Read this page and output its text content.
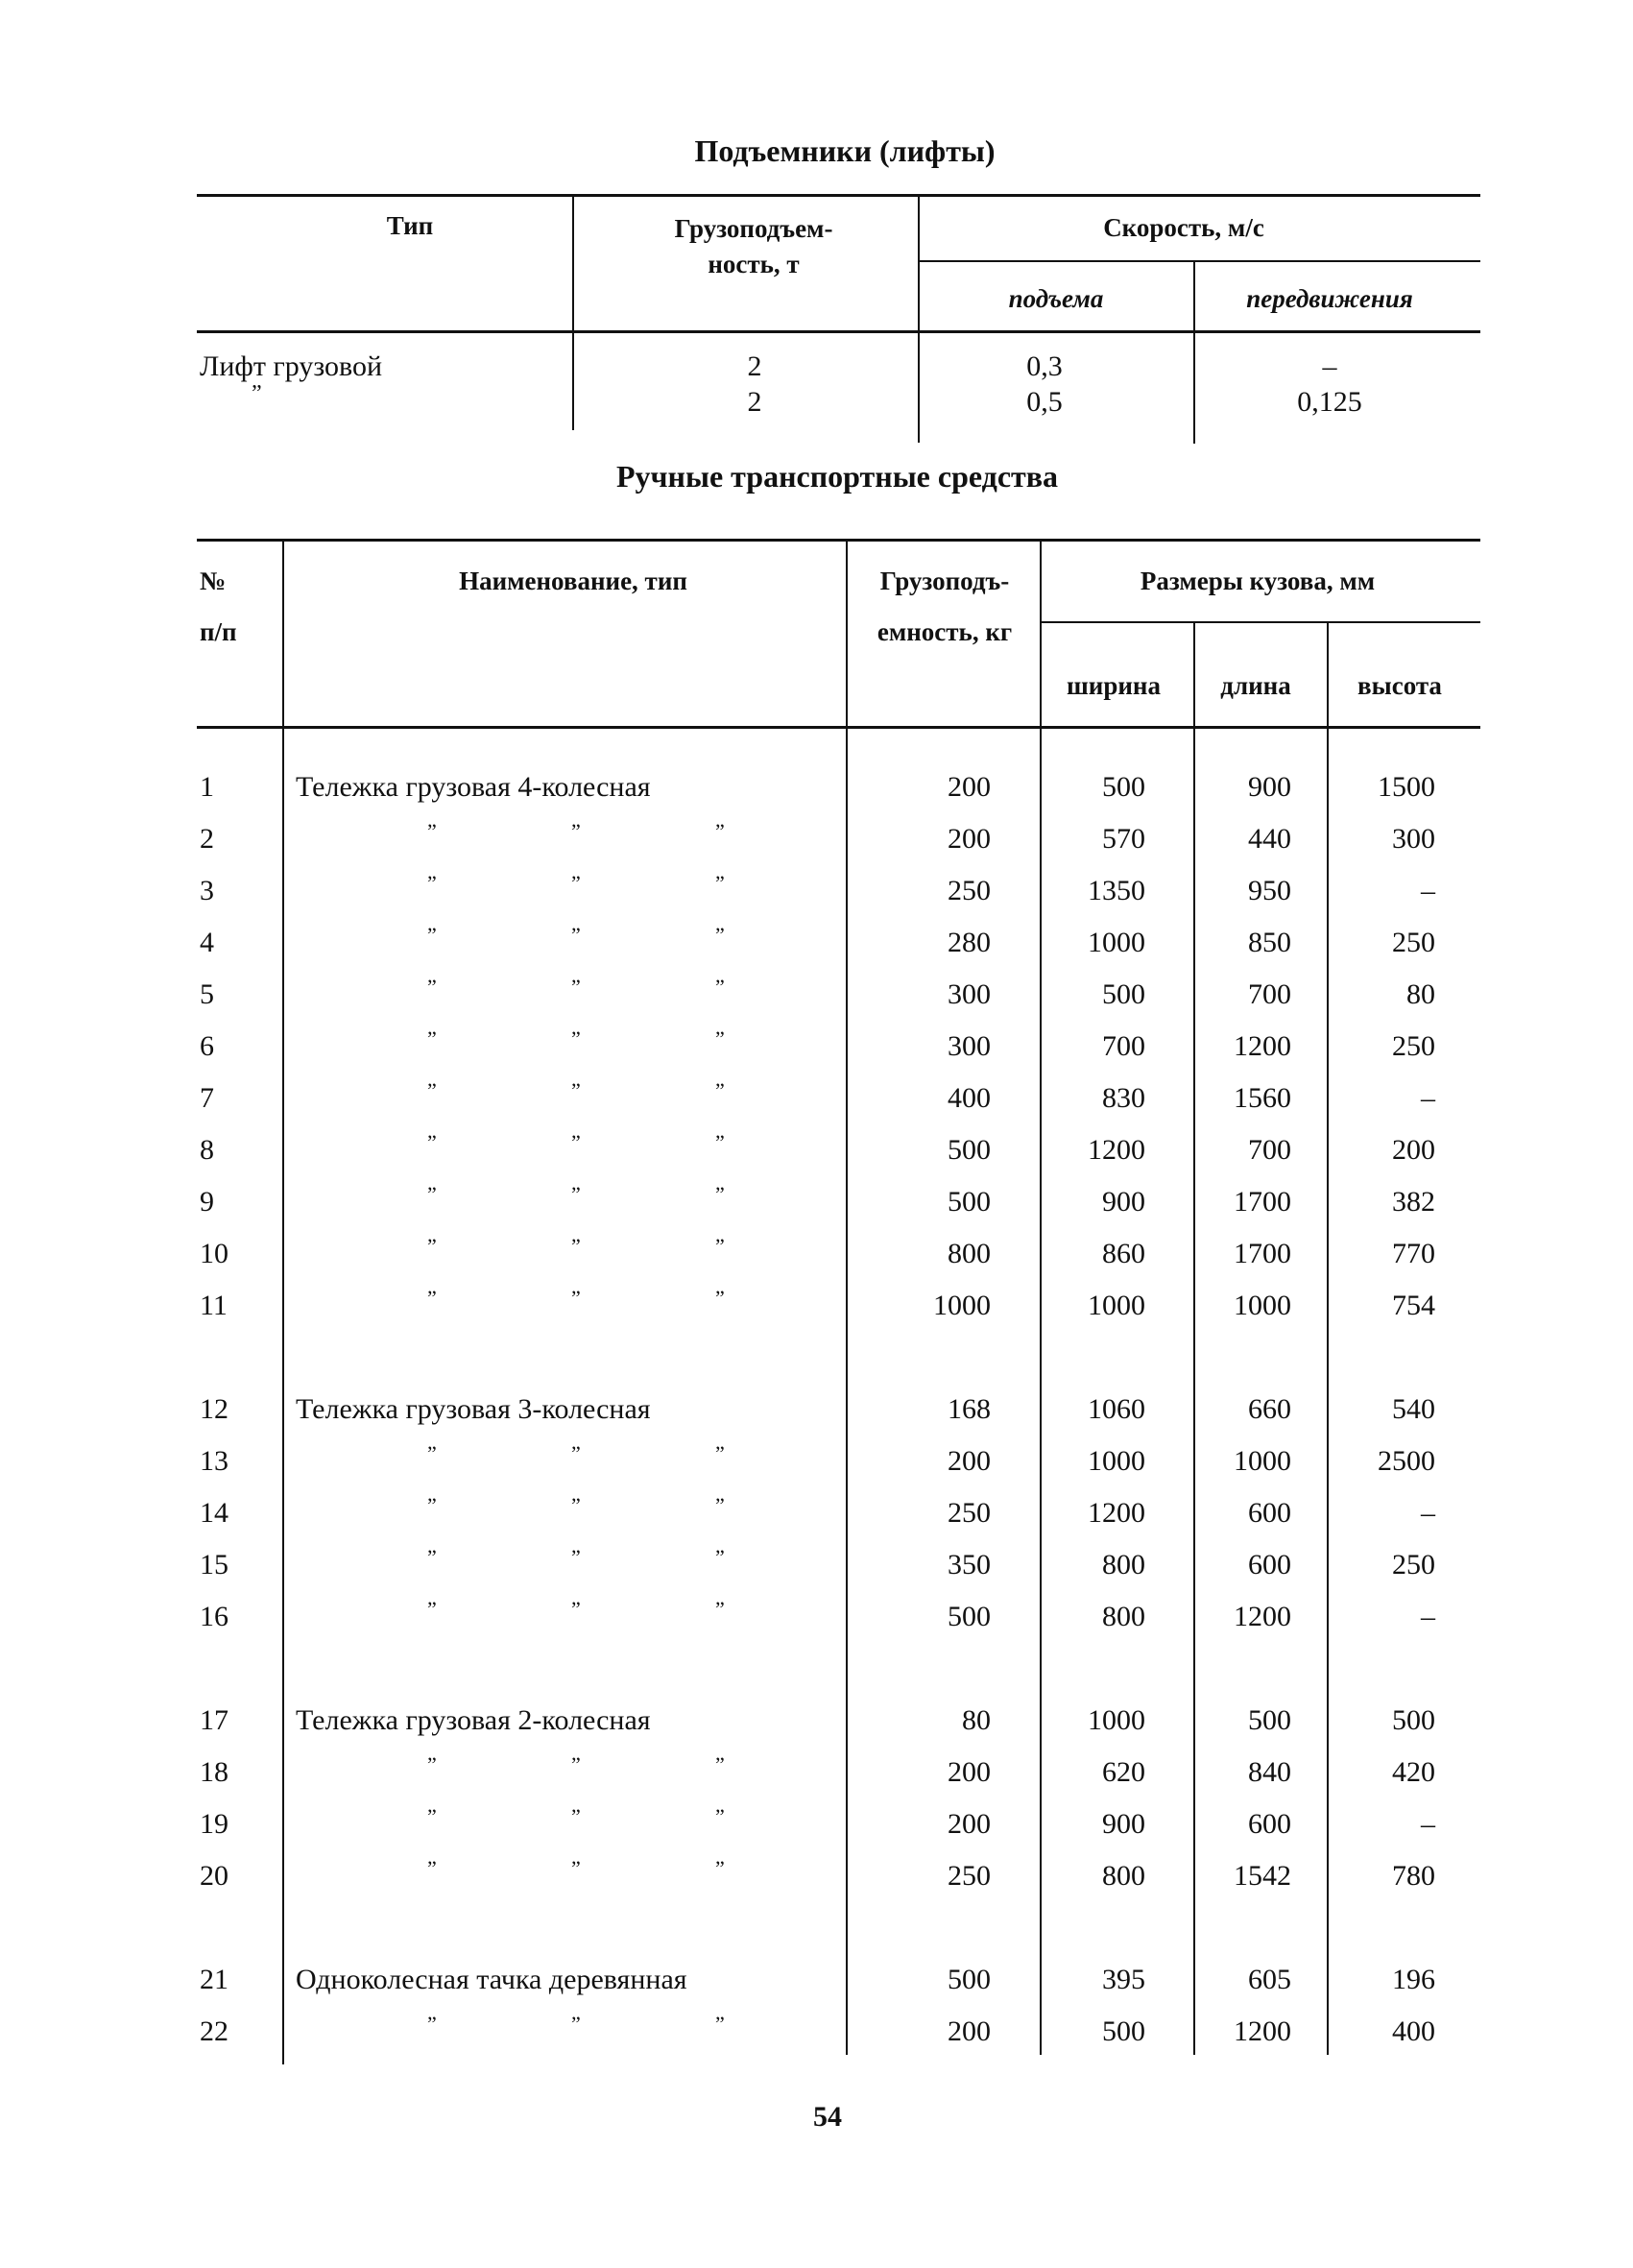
Подъемники (лифты)
Тип	Грузоподъем-
ность, т
Скорость, м/с
подъема	передвижения
Лифт грузовой	2	0,3	–
”	2	0,5	0,125
Ручные транспортные средства
№
п/п
Наименование, тип	Грузоподъ-
емность, кг
Размеры кузова, мм
ширина длина	высота
1	Тележка грузовая 4-колесная	200	500	900	1500
2	”	”	”	200	570	440	300
3	”	”	”	250	1350	950	–
4	”	”	”	280	1000	850	250
5	”	”	”	300	500	700	80
6	”	”	”	300	700	1200	250
7	”	”	”	400	830	1560	–
8	”	”	”	500	1200	700	200
9	”	”	”	500	900	1700	382
10	”	”	”	800	860	1700	770
11	”	”	”	1000	1000	1000	754
12 Тележка грузовая 3-колесная	168	1060	660	540
13	”	”	”	200	1000	1000	2500
14	”	”	”	250	1200	600	–
15	”	”	”	350	800	600	250
16	”	”	”	500	800	1200	–
17 Тележка грузовая 2-колесная	80	1000	500	500
18	”	”	”	200	620	840	420
19	”	”	”	200	900	600	–
20	”	”	”	250	800	1542	780
21 Одноколесная тачка деревянная	500	395	605	196
22	”	”	”	200	500	1200	400
54
